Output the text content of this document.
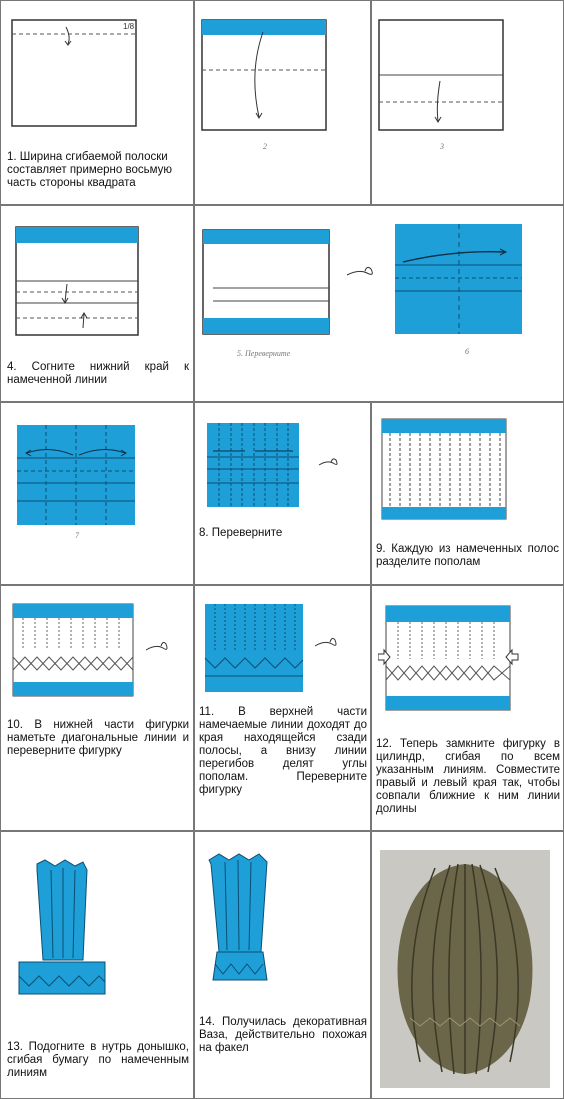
1/8
1. Ширина сгибаемой полоски составляет примерно восьмую часть стороны квадрата
2	3
4. Согните нижний край к намеченной линии
5. Переверните	6
7	8. Переверните
9. Каждую из намеченных полос разделите пополам
10. В нижней части фигурки наметьте диагональные линии и переверните фигурку
11. В верхней части намечаемые линии доходят до края находящейся сзади полосы, а внизу линии перегибов делят углы пополам. Переверните фигурку
12. Теперь замкните фигурку в цилиндр, сгибая по всем указанным линиям. Совместите правый и левый края так, чтобы совпали ближние к ним линии долины
13. Подогните в нутрь донышко, сгибая бумагу по намеченным линиям
14. Получилась декоративная Ваза, действительно похожая на факел
